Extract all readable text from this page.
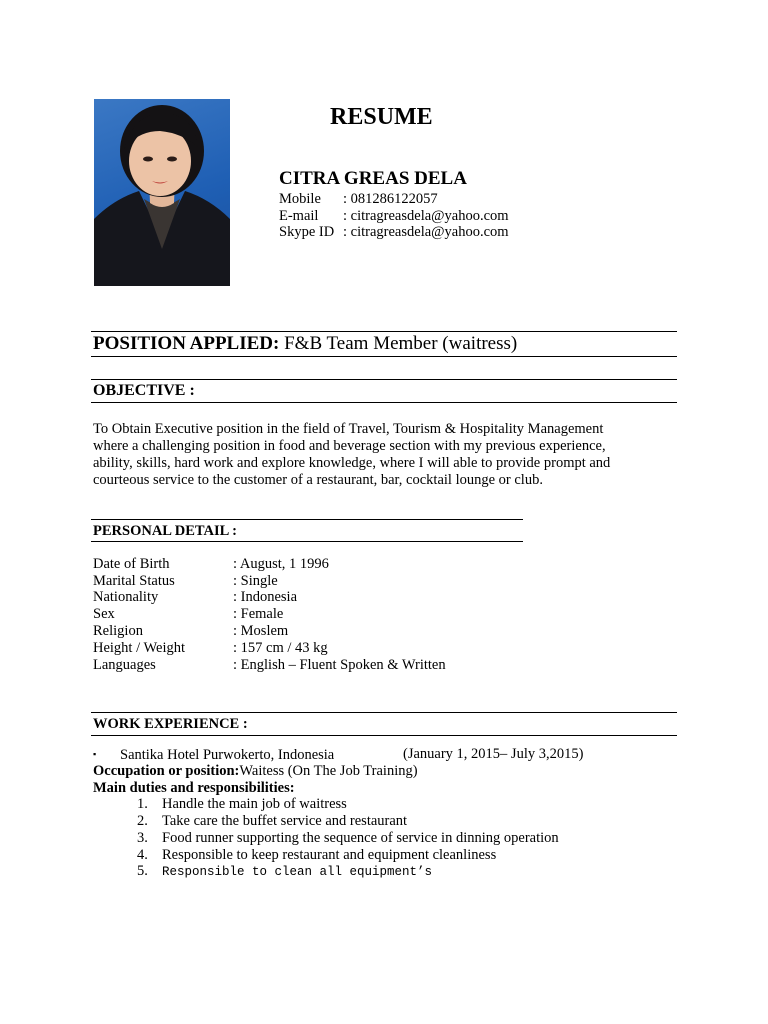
RESUME
CITRA GREAS DELA
Mobile : 081286122057
E-mail : citragreasdela@yahoo.com
Skype ID : citragreasdela@yahoo.com
POSITION APPLIED: F&B Team Member (waitress)
OBJECTIVE :
To Obtain Executive position in the field of Travel, Tourism & Hospitality Management
where a challenging position in food and beverage section with my previous experience,
ability, skills, hard work and explore knowledge, where I will able to provide prompt and
courteous service to the customer of a restaurant, bar, cocktail lounge or club.
PERSONAL DETAIL :
Date of Birth	: August, 1 1996
Marital Status	: Single
Nationality	: Indonesia
Sex	: Female
Religion	: Moslem
Height / Weight	: 157 cm / 43 kg
Languages	: English – Fluent Spoken & Written
WORK EXPERIENCE :
▪ Santika Hotel Purwokerto, Indonesia	(January 1, 2015– July 3,2015)
Occupation or position:Waitess (On The Job Training)
Main duties and responsibilities:
1. Handle the main job of waitress
2. Take care the buffet service and restaurant
3. Food runner supporting the sequence of service in dinning operation
4. Responsible to keep restaurant and equipment cleanliness
5. Responsible to clean all equipment’s
